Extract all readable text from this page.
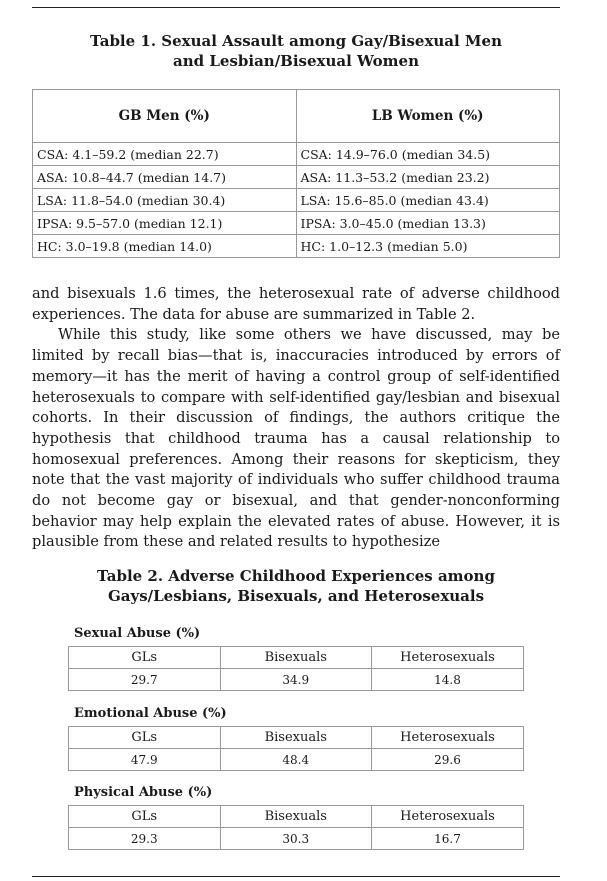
Table 1. Sexual Assault among Gay/Bisexual Men
and Lesbian/Bisexual Women
GB Men (%)	LB Women (%)
CSA: 4.1–59.2 (median 22.7)	CSA: 14.9–76.0 (median 34.5)
ASA: 10.8–44.7 (median 14.7)	ASA: 11.3–53.2 (median 23.2)
LSA: 11.8–54.0 (median 30.4)	LSA: 15.6–85.0 (median 43.4)
IPSA: 9.5–57.0 (median 12.1)	IPSA: 3.0–45.0 (median 13.3)
HC: 3.0–19.8 (median 14.0)	HC: 1.0–12.3 (median 5.0)

and bisexuals 1.6 times, the heterosexual rate of adverse childhood experiences. The data for abuse are summarized in Table 2.

While this study, like some others we have discussed, may be limited by recall bias—that is, inaccuracies introduced by errors of memory—it has the merit of having a control group of self-identified heterosexuals to compare with self-identified gay/lesbian and bisexual cohorts. In their discussion of findings, the authors critique the hypothesis that childhood trauma has a causal relationship to homosexual preferences. Among their reasons for skepticism, they note that the vast majority of individuals who suffer childhood trauma do not become gay or bisexual, and that gender-nonconforming behavior may help explain the elevated rates of abuse. However, it is plausible from these and related results to hypothesize

Table 2. Adverse Childhood Experiences among
Gays/Lesbians, Bisexuals, and Heterosexuals
Sexual Abuse (%)
GLs	Bisexuals	Heterosexuals
29.7	34.9	14.8
Emotional Abuse (%)
GLs	Bisexuals	Heterosexuals
47.9	48.4	29.6
Physical Abuse (%)
GLs	Bisexuals	Heterosexuals
29.3	30.3	16.7
